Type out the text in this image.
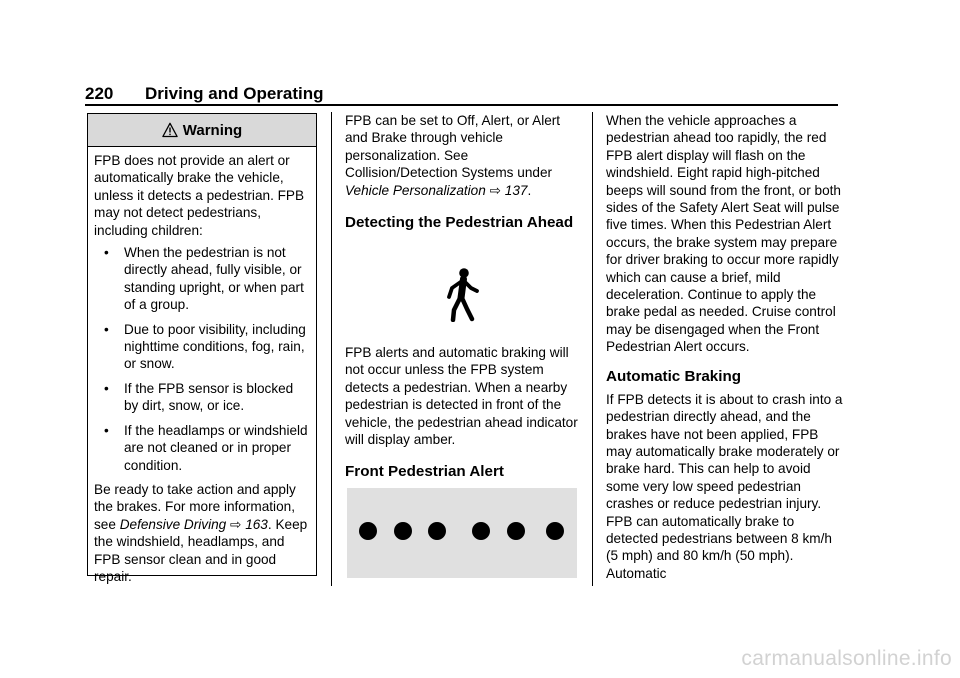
220 Driving and Operating
Warning

FPB does not provide an alert or automatically brake the vehicle, unless it detects a pedestrian. FPB may not detect pedestrians, including children:

• When the pedestrian is not directly ahead, fully visible, or standing upright, or when part of a group.
• Due to poor visibility, including nighttime conditions, fog, rain, or snow.
• If the FPB sensor is blocked by dirt, snow, or ice.
• If the headlamps or windshield are not cleaned or in proper condition.

Be ready to take action and apply the brakes. For more information, see Defensive Driving ⇨ 163. Keep the windshield, headlamps, and FPB sensor clean and in good repair.

FPB can be set to Off, Alert, or Alert and Brake through vehicle personalization. See Collision/Detection Systems under Vehicle Personalization ⇨ 137.

Detecting the Pedestrian Ahead

FPB alerts and automatic braking will not occur unless the FPB system detects a pedestrian. When a nearby pedestrian is detected in front of the vehicle, the pedestrian ahead indicator will display amber.

Front Pedestrian Alert

When the vehicle approaches a pedestrian ahead too rapidly, the red FPB alert display will flash on the windshield. Eight rapid high-pitched beeps will sound from the front, or both sides of the Safety Alert Seat will pulse five times. When this Pedestrian Alert occurs, the brake system may prepare for driver braking to occur more rapidly which can cause a brief, mild deceleration. Continue to apply the brake pedal as needed. Cruise control may be disengaged when the Front Pedestrian Alert occurs.

Automatic Braking

If FPB detects it is about to crash into a pedestrian directly ahead, and the brakes have not been applied, FPB may automatically brake moderately or brake hard. This can help to avoid some very low speed pedestrian crashes or reduce pedestrian injury. FPB can automatically brake to detected pedestrians between 8 km/h (5 mph) and 80 km/h (50 mph). Automatic

carmanualsonline.info
